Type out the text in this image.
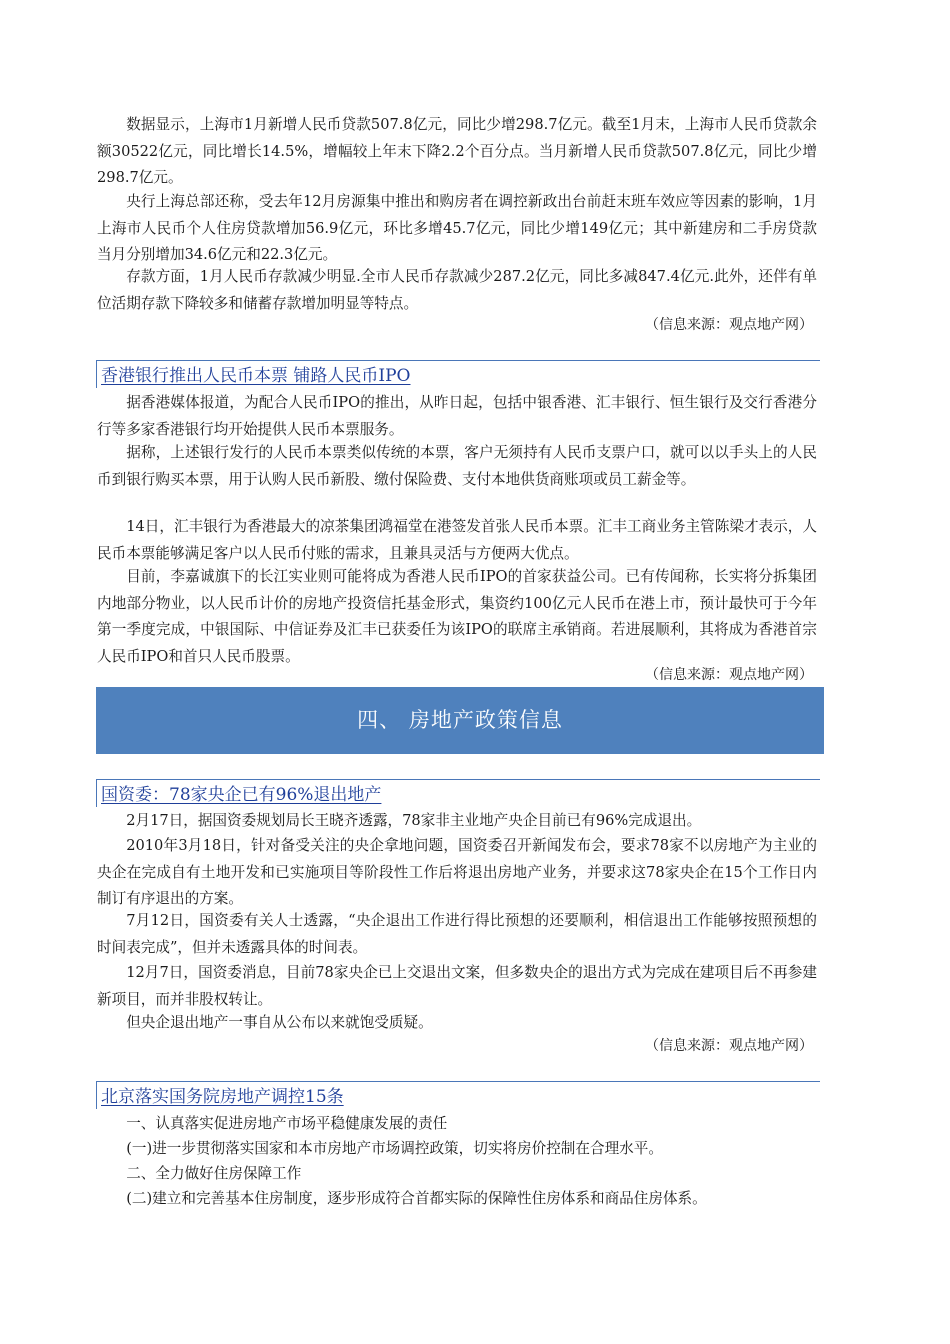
数据显示，上海市1月新增人民币贷款507.8亿元，同比少增298.7亿元。截至1月末，上海市人民币贷款余额30522亿元，同比增长14.5%，增幅较上年末下降2.2个百分点。当月新增人民币贷款507.8亿元，同比少增298.7亿元。

央行上海总部还称，受去年12月房源集中推出和购房者在调控新政出台前赶末班车效应等因素的影响，1月上海市人民币个人住房贷款增加56.9亿元，环比多增45.7亿元，同比少增149亿元；其中新建房和二手房贷款当月分别增加34.6亿元和22.3亿元。

存款方面，1月人民币存款减少明显.全市人民币存款减少287.2亿元，同比多减847.4亿元.此外，还伴有单位活期存款下降较多和储蓄存款增加明显等特点。

（信息来源：观点地产网）

香港银行推出人民币本票 铺路人民币IPO

据香港媒体报道，为配合人民币IPO的推出，从昨日起，包括中银香港、汇丰银行、恒生银行及交行香港分行等多家香港银行均开始提供人民币本票服务。

据称，上述银行发行的人民币本票类似传统的本票，客户无须持有人民币支票户口，就可以以手头上的人民币到银行购买本票，用于认购人民币新股、缴付保险费、支付本地供货商账项或员工薪金等。

14日，汇丰银行为香港最大的凉茶集团鸿福堂在港签发首张人民币本票。汇丰工商业务主管陈梁才表示，人民币本票能够满足客户以人民币付账的需求，且兼具灵活与方便两大优点。

目前，李嘉诚旗下的长江实业则可能将成为香港人民币IPO的首家获益公司。已有传闻称，长实将分拆集团内地部分物业，以人民币计价的房地产投资信托基金形式，集资约100亿元人民币在港上市，预计最快可于今年第一季度完成，中银国际、中信证券及汇丰已获委任为该IPO的联席主承销商。若进展顺利，其将成为香港首宗人民币IPO和首只人民币股票。

（信息来源：观点地产网）

四、 房地产政策信息
国资委：78家央企已有96%退出地产

2月17日，据国资委规划局长王晓齐透露，78家非主业地产央企目前已有96%完成退出。

2010年3月18日，针对备受关注的央企拿地问题，国资委召开新闻发布会，要求78家不以房地产为主业的央企在完成自有土地开发和已实施项目等阶段性工作后将退出房地产业务，并要求这78家央企在15个工作日内制订有序退出的方案。

7月12日，国资委有关人士透露，“央企退出工作进行得比预想的还要顺利，相信退出工作能够按照预想的时间表完成”，但并未透露具体的时间表。

12月7日，国资委消息，目前78家央企已上交退出文案，但多数央企的退出方式为完成在建项目后不再参建新项目，而并非股权转让。

但央企退出地产一事自从公布以来就饱受质疑。

（信息来源：观点地产网）

北京落实国务院房地产调控15条

一、认真落实促进房地产市场平稳健康发展的责任

(一)进一步贯彻落实国家和本市房地产市场调控政策，切实将房价控制在合理水平。

二、全力做好住房保障工作

(二)建立和完善基本住房制度，逐步形成符合首都实际的保障性住房体系和商品住房体系。
